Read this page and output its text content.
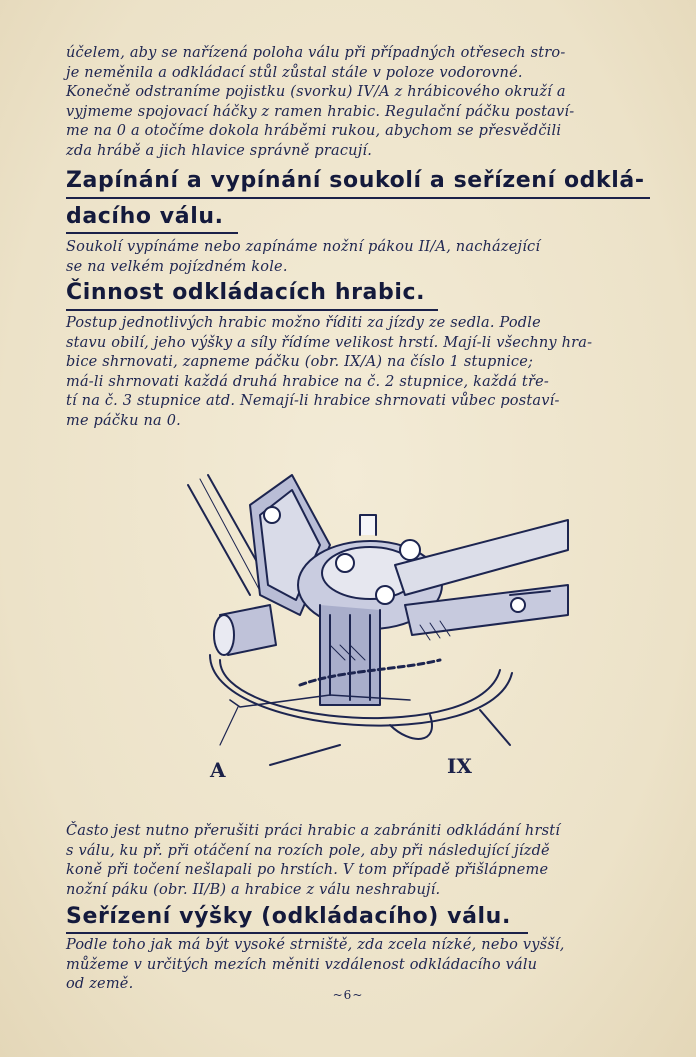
účelem, aby se nařízená poloha válu při případných otřesech stro-
je neměnila a odkládací stůl zůstal stále v poloze vodorovné.
Konečně odstraníme pojistku (svorku) IV/A z hrábicového okruží a
vyjmeme spojovací háčky z ramen hrabic. Regulační páčku postaví-
me na 0 a otočíme dokola hráběmi rukou, abychom se přesvědčili
zda hrábě a jich hlavice správně pracují.
Zapínání a vypínání soukolí a seřízení odklá-
dacího válu.
Soukolí vypínáme nebo zapínáme nožní pákou II/A, nacházející
se na velkém pojízdném kole.
Činnost odkládacích hrabic.
Postup jednotlivých hrabic možno říditi za jízdy ze sedla. Podle
stavu obilí, jeho výšky a síly řídíme velikost hrstí. Mají-li všechny hra-
bice shrnovati, zapneme páčku (obr. IX/A) na číslo 1 stupnice;
má-li shrnovati každá druhá hrabice na č. 2 stupnice, každá tře-
tí na č. 3 stupnice atd. Nemají-li hrabice shrnovati vůbec postaví-
me páčku na 0.
A	IX
Často jest nutno přerušiti práci hrabic a zabrániti odkládání hrstí
s válu, ku př. při otáčení na rozích pole, aby při následující jízdě
koně při točení nešlapali po hrstích. V tom případě přišlápneme
nožní páku (obr. II/B) a hrabice z válu neshrabují.
Seřízení výšky (odkládacího) válu.
Podle toho jak má být vysoké strniště, zda zcela nízké, nebo vyšší,
můžeme v určitých mezích měniti vzdálenost odkládacího válu
od země.
~6~
